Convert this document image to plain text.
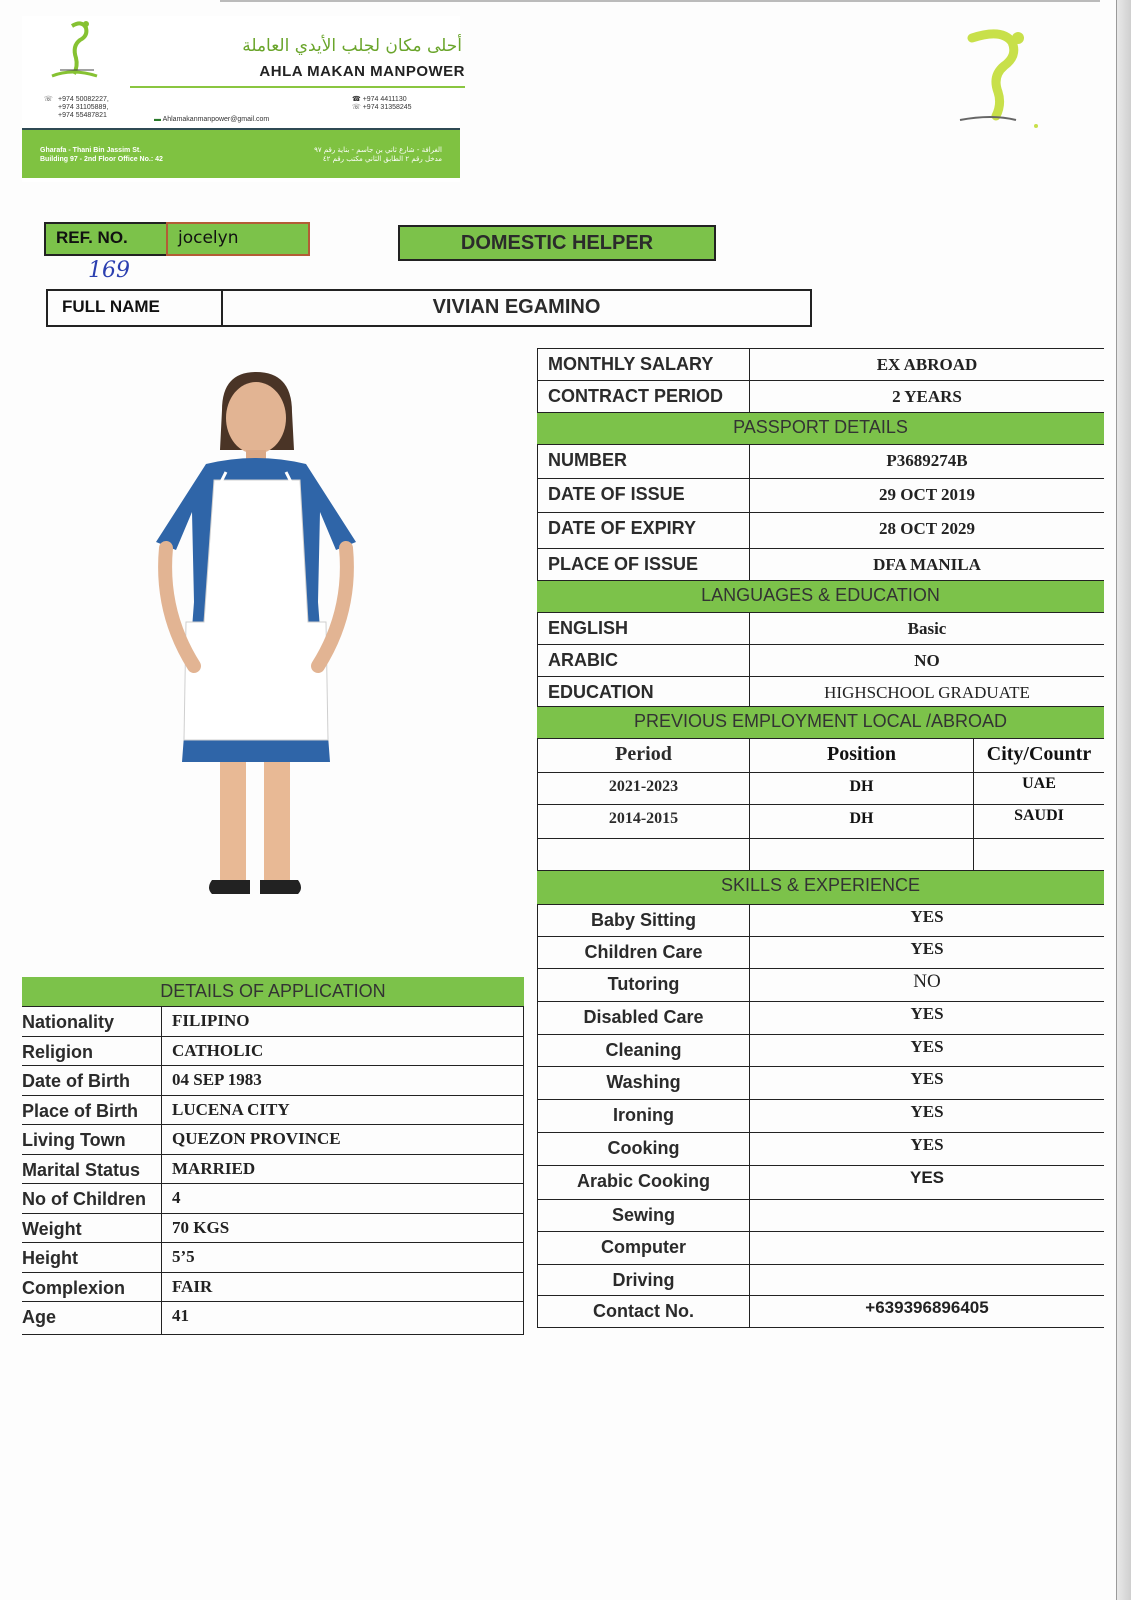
أحلى مكان لجلب الأيدي العاملة
AHLA MAKAN MANPOWER
☏ +974 50082227,
+974 31105889,
+974 55487821
▬ Ahlamakanmanpower@gmail.com
☎ +974 4411130
☏ +974 31358245
Gharafa - Thani Bin Jassim St.
Building 97 - 2nd Floor Office No.: 42
الغرافة - شارع ثاني بن جاسم - بناية رقم ٩٧
مدخل رقم ٢ الطابق الثاني مكتب رقم ٤٢
REF. NO.	jocelyn	DOMESTIC HELPER
169
FULL NAME	VIVIAN EGAMINO
MONTHLY SALARY	EX ABROAD
CONTRACT PERIOD	2 YEARS
PASSPORT DETAILS
NUMBER	P3689274B
DATE OF ISSUE	29 OCT 2019
DATE OF EXPIRY	28 OCT 2029
PLACE OF ISSUE	DFA MANILA
LANGUAGES & EDUCATION
ENGLISH	Basic
ARABIC	NO
EDUCATION	HIGHSCHOOL GRADUATE
PREVIOUS EMPLOYMENT LOCAL /ABROAD
Period	Position	City/Countr
2021-2023	DH	UAE
2014-2015	DH	SAUDI
SKILLS & EXPERIENCE
Baby Sitting	YES
Children Care	YES
Tutoring	NO
Disabled Care	YES
Cleaning	YES
Washing	YES
Ironing	YES
Cooking	YES
Arabic Cooking	YES
Sewing
Computer
Driving
Contact No.	+639396896405
DETAILS OF APPLICATION
Nationality	FILIPINO
Religion	CATHOLIC
Date of Birth	04 SEP 1983
Place of Birth	LUCENA CITY
Living Town	QUEZON PROVINCE
Marital Status	MARRIED
No of Children	4
Weight	70 KGS
Height	5’5
Complexion	FAIR
Age	41
